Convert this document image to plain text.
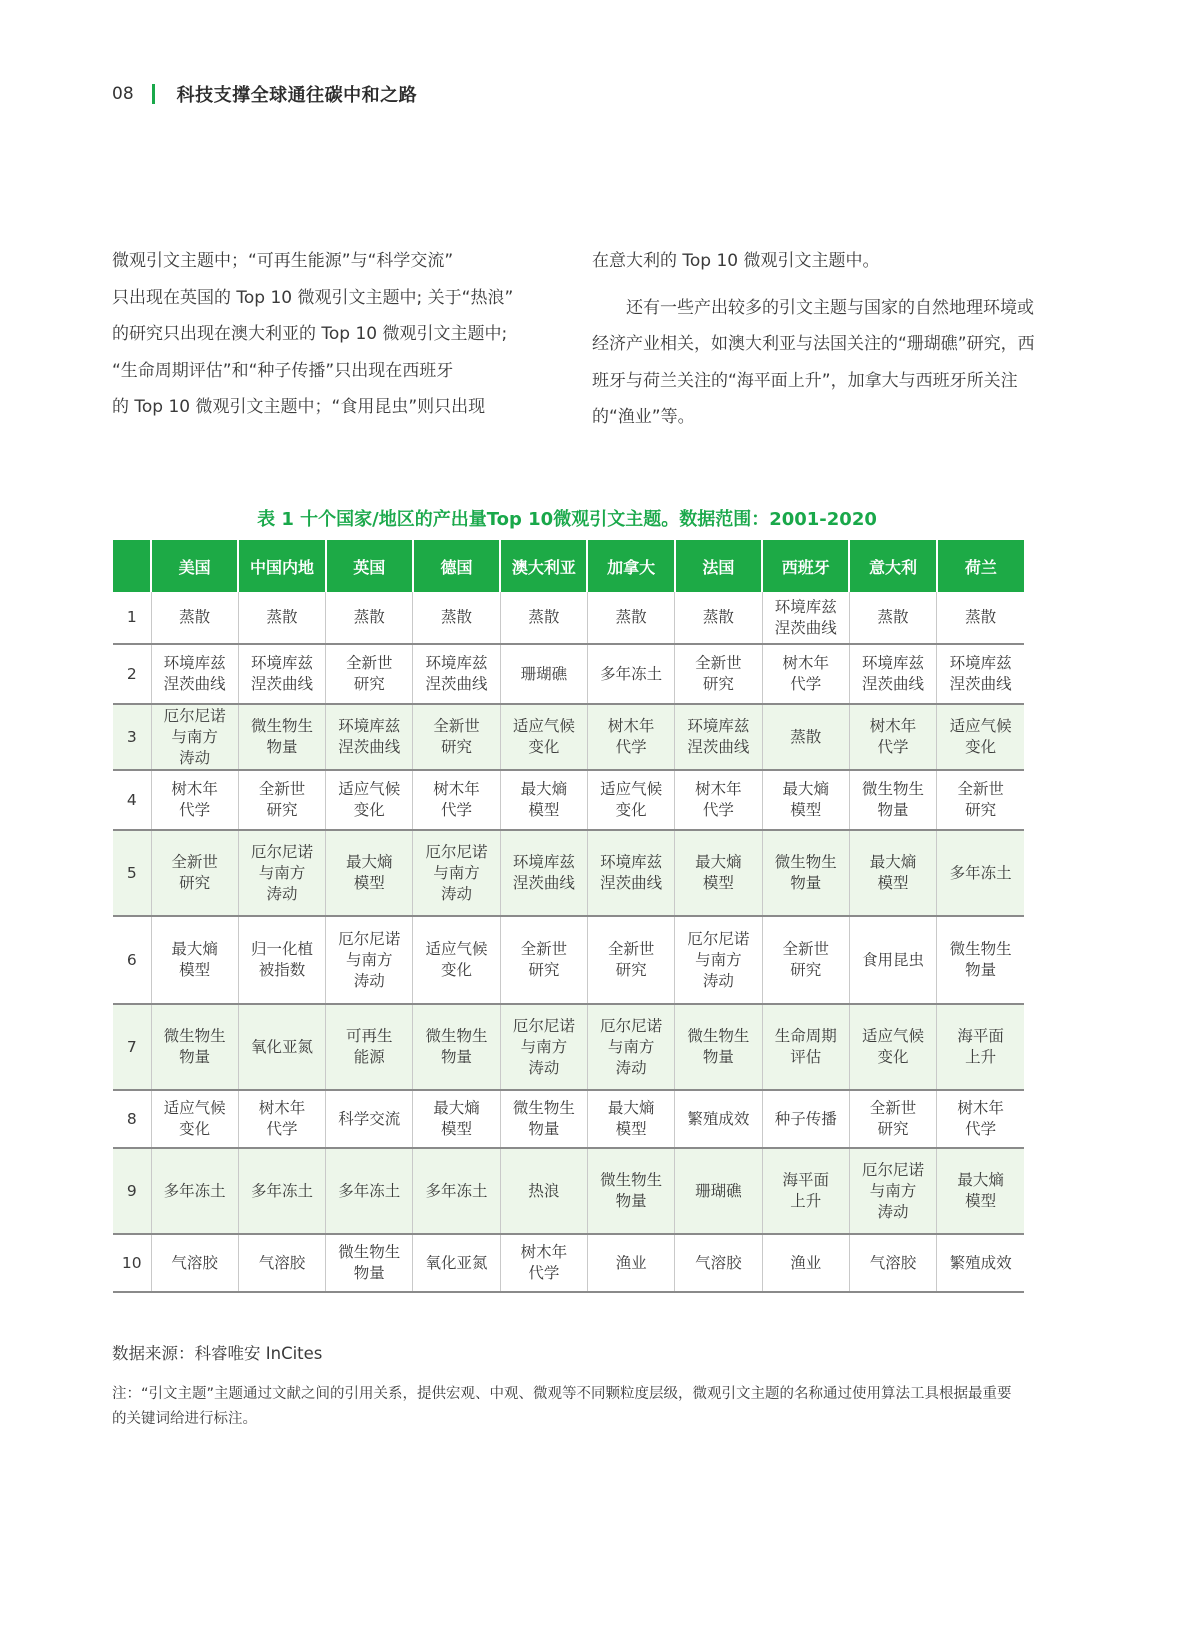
08 科技支撑全球通往碳中和之路

微观引文主题中；“可再生能源”与“科学交流”

只出现在英国的 Top 10 微观引文主题中; 关于“热浪”

的研究只出现在澳大利亚的 Top 10 微观引文主题中;

“生命周期评估”和“种子传播”只出现在西班牙

的 Top 10 微观引文主题中；“食用昆虫”则只出现

在意大利的 Top 10 微观引文主题中。

还有一些产出较多的引文主题与国家的自然地理环境或经济产业相关，如澳大利亚与法国关注的“珊瑚礁”研究，西班牙与荷兰关注的“海平面上升”，加拿大与西班牙所关注的“渔业”等。

表 1 十个国家/地区的产出量Top 10微观引文主题。数据范围：2001-2020
	美国	中国内地	英国	德国	澳大利亚	加拿大	法国	西班牙	意大利	荷兰
1	蒸散	蒸散	蒸散	蒸散	蒸散	蒸散	蒸散	环境库兹
涅茨曲线	蒸散	蒸散
2	环境库兹
涅茨曲线	环境库兹
涅茨曲线	全新世
研究	环境库兹
涅茨曲线	珊瑚礁	多年冻土	全新世
研究	树木年
代学	环境库兹
涅茨曲线	环境库兹
涅茨曲线
3	厄尔尼诺
与南方
涛动	微生物生
物量	环境库兹
涅茨曲线	全新世
研究	适应气候
变化	树木年
代学	环境库兹
涅茨曲线	蒸散	树木年
代学	适应气候
变化
4	树木年
代学	全新世
研究	适应气候
变化	树木年
代学	最大熵
模型	适应气候
变化	树木年
代学	最大熵
模型	微生物生
物量	全新世
研究
5	全新世
研究	厄尔尼诺
与南方
涛动	最大熵
模型	厄尔尼诺
与南方
涛动	环境库兹
涅茨曲线	环境库兹
涅茨曲线	最大熵
模型	微生物生
物量	最大熵
模型	多年冻土
6	最大熵
模型	归一化植
被指数	厄尔尼诺
与南方
涛动	适应气候
变化	全新世
研究	全新世
研究	厄尔尼诺
与南方
涛动	全新世
研究	食用昆虫	微生物生
物量
7	微生物生
物量	氧化亚氮	可再生
能源	微生物生
物量	厄尔尼诺
与南方
涛动	厄尔尼诺
与南方
涛动	微生物生
物量	生命周期
评估	适应气候
变化	海平面
上升
8	适应气候
变化	树木年
代学	科学交流	最大熵
模型	微生物生
物量	最大熵
模型	繁殖成效	种子传播	全新世
研究	树木年
代学
9	多年冻土	多年冻土	多年冻土	多年冻土	热浪	微生物生
物量	珊瑚礁	海平面
上升	厄尔尼诺
与南方
涛动	最大熵
模型
10	气溶胶	气溶胶	微生物生
物量	氧化亚氮	树木年
代学	渔业	气溶胶	渔业	气溶胶	繁殖成效
数据来源：科睿唯安 InCites
注：“引文主题”主题通过文献之间的引用关系，提供宏观、中观、微观等不同颗粒度层级，微观引文主题的名称通过使用算法工具根据最重要的关键词给进行标注。
